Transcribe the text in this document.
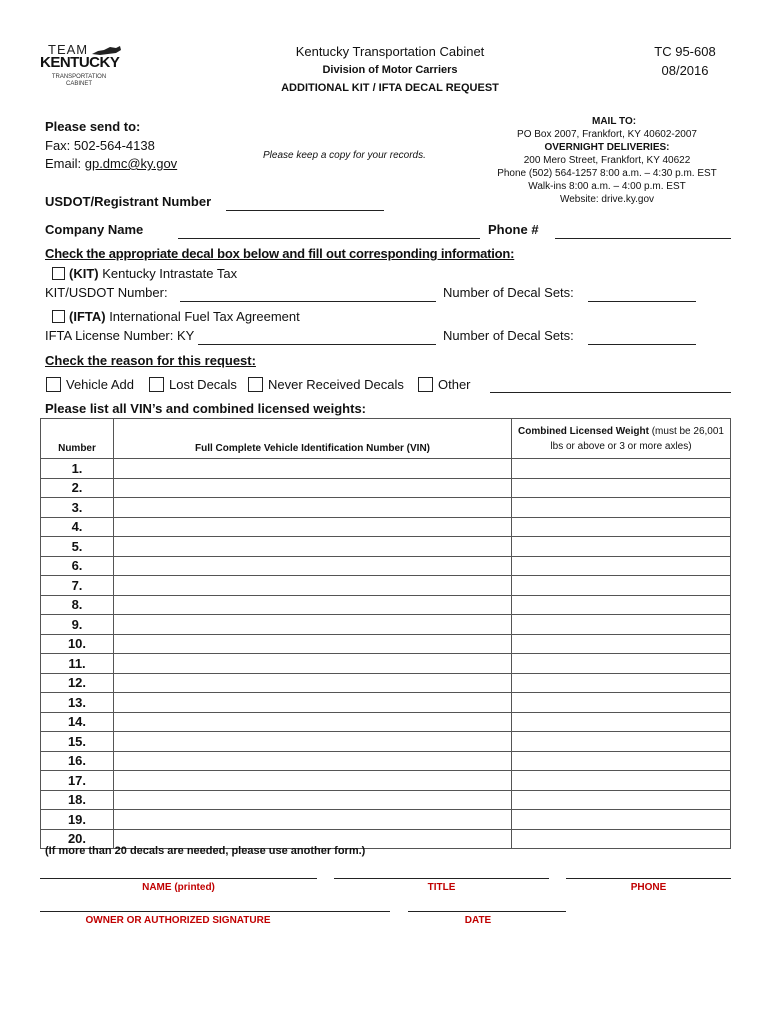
TEAM
KENTUCKY
TRANSPORTATION
CABINET
Kentucky Transportation Cabinet
Division of Motor Carriers
ADDITIONAL KIT / IFTA DECAL REQUEST
TC 95-608
08/2016
Please send to:
Fax: 502-564-4138
Email: gp.dmc@ky.gov
Please keep a copy for your records.
MAIL TO:
PO Box 2007, Frankfort, KY 40602-2007
OVERNIGHT DELIVERIES:
200 Mero Street, Frankfort, KY 40622
Phone (502) 564-1257 8:00 a.m. – 4:30 p.m. EST
Walk-ins 8:00 a.m. – 4:00 p.m. EST
Website: drive.ky.gov
USDOT/Registrant Number
Company Name	Phone #
Check the appropriate decal box below and fill out corresponding information:
(KIT) Kentucky Intrastate Tax
KIT/USDOT Number:	Number of Decal Sets:
(IFTA) International Fuel Tax Agreement
IFTA License Number: KY	Number of Decal Sets:
Check the reason for this request:
Vehicle Add	Lost Decals Never Received Decals	Other
Please list all VIN’s and combined licensed weights:
Number	Full Complete Vehicle Identification Number (VIN)	Combined Licensed Weight (must be 26,001 lbs or above or 3 or more axles)
1.		
2.		
3.		
4.		
5.		
6.		
7.		
8.		
9.		
10.		
11.		
12.		
13.		
14.		
15.		
16.		
17.		
18.		
19.		
20.		
(If more than 20 decals are needed, please use another form.)
NAME (printed)	TITLE	PHONE
OWNER OR AUTHORIZED SIGNATURE	DATE
